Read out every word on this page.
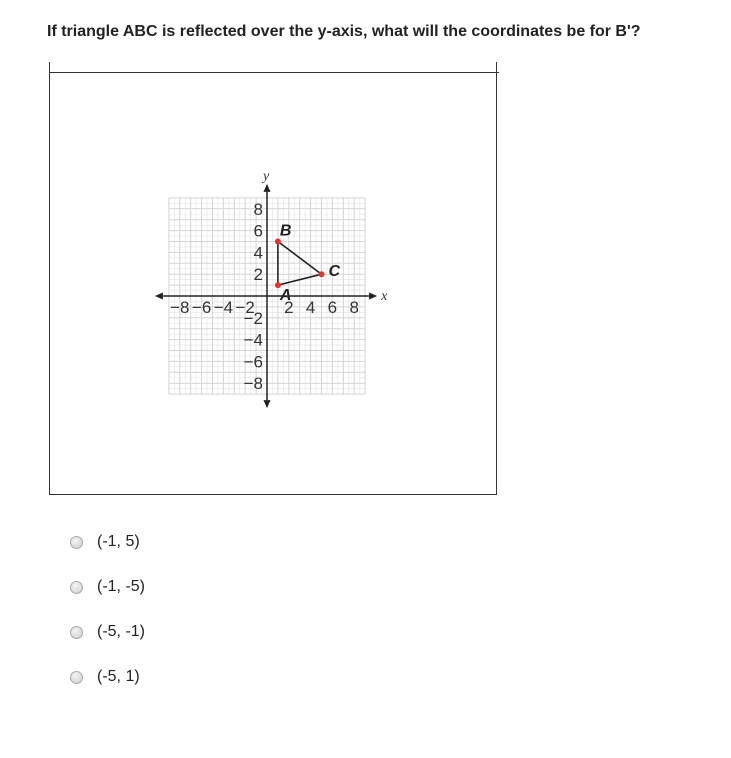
If triangle ABC is reflected over the y-axis, what will the coordinates be for B'?
x
y
−8 −6 −4 −2 2 4 6 8
8
6
4
2
−2
−4
−6
−8
A
B
C
(-1, 5)
(-1, -5)
(-5, -1)
(-5, 1)
